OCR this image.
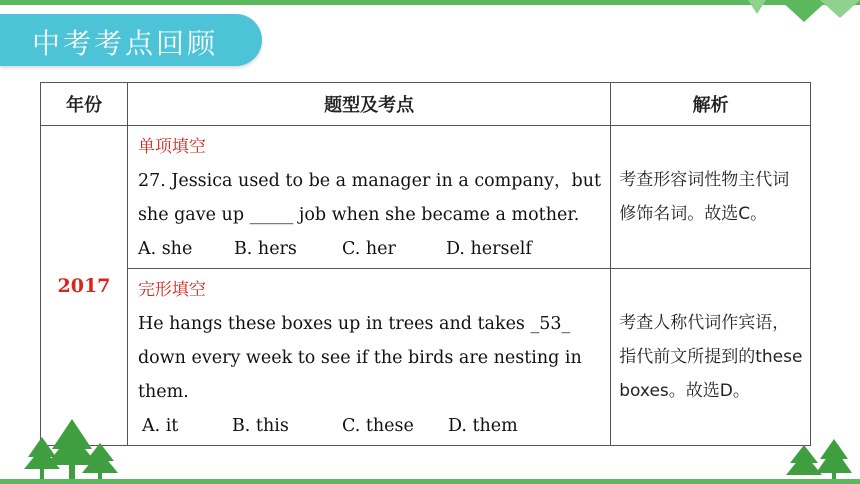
中考考点回顾
年份	题型及考点	解析
2017	单项填空
27. Jessica used to be a manager in a company，but she gave up _____ job when she became a mother.
A. she B. hers C. her D. herself	考查形容词性物主代词修饰名词。故选C。

	完形填空
He hangs these boxes up in trees and takes _53_ down every week to see if the birds are nesting in them.
A. it B. this C. these D. them	考查人称代词作宾语，指代前文所提到的these boxes。故选D。
